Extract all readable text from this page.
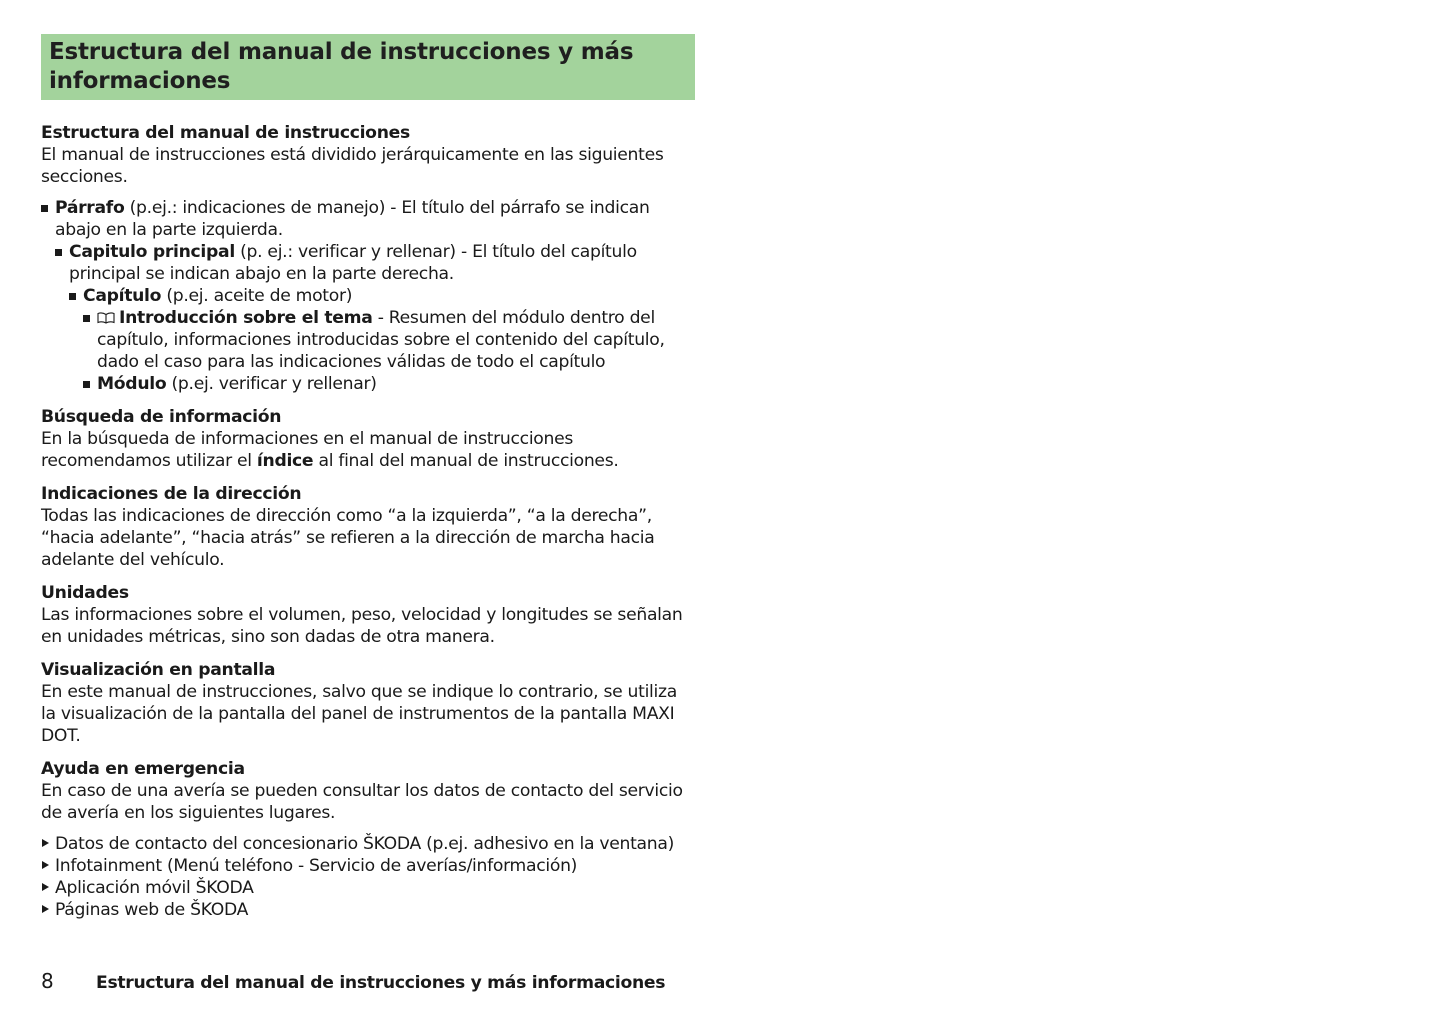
Estructura del manual de instrucciones y más informaciones
Estructura del manual de instrucciones
El manual de instrucciones está dividido jerárquicamente en las siguientes secciones.
Párrafo (p.ej.: indicaciones de manejo) - El título del párrafo se indican abajo en la parte izquierda.
Capitulo principal (p. ej.: verificar y rellenar) - El título del capítulo principal se indican abajo en la parte derecha.
Capítulo (p.ej. aceite de motor)
Introducción sobre el tema - Resumen del módulo dentro del capítulo, informaciones introducidas sobre el contenido del capítulo, dado el caso para las indicaciones válidas de todo el capítulo
Módulo (p.ej. verificar y rellenar)
Búsqueda de información
En la búsqueda de informaciones en el manual de instrucciones recomendamos utilizar el índice al final del manual de instrucciones.
Indicaciones de la dirección
Todas las indicaciones de dirección como “a la izquierda”, “a la derecha”, “hacia adelante”, “hacia atrás” se refieren a la dirección de marcha hacia adelante del vehículo.
Unidades
Las informaciones sobre el volumen, peso, velocidad y longitudes se señalan en unidades métricas, sino son dadas de otra manera.
Visualización en pantalla
En este manual de instrucciones, salvo que se indique lo contrario, se utiliza la visualización de la pantalla del panel de instrumentos de la pantalla MAXI DOT.
Ayuda en emergencia
En caso de una avería se pueden consultar los datos de contacto del servicio de avería en los siguientes lugares.
Datos de contacto del concesionario ŠKODA (p.ej. adhesivo en la ventana)
Infotainment (Menú teléfono - Servicio de averías/información)
Aplicación móvil ŠKODA
Páginas web de ŠKODA
8 Estructura del manual de instrucciones y más informaciones
